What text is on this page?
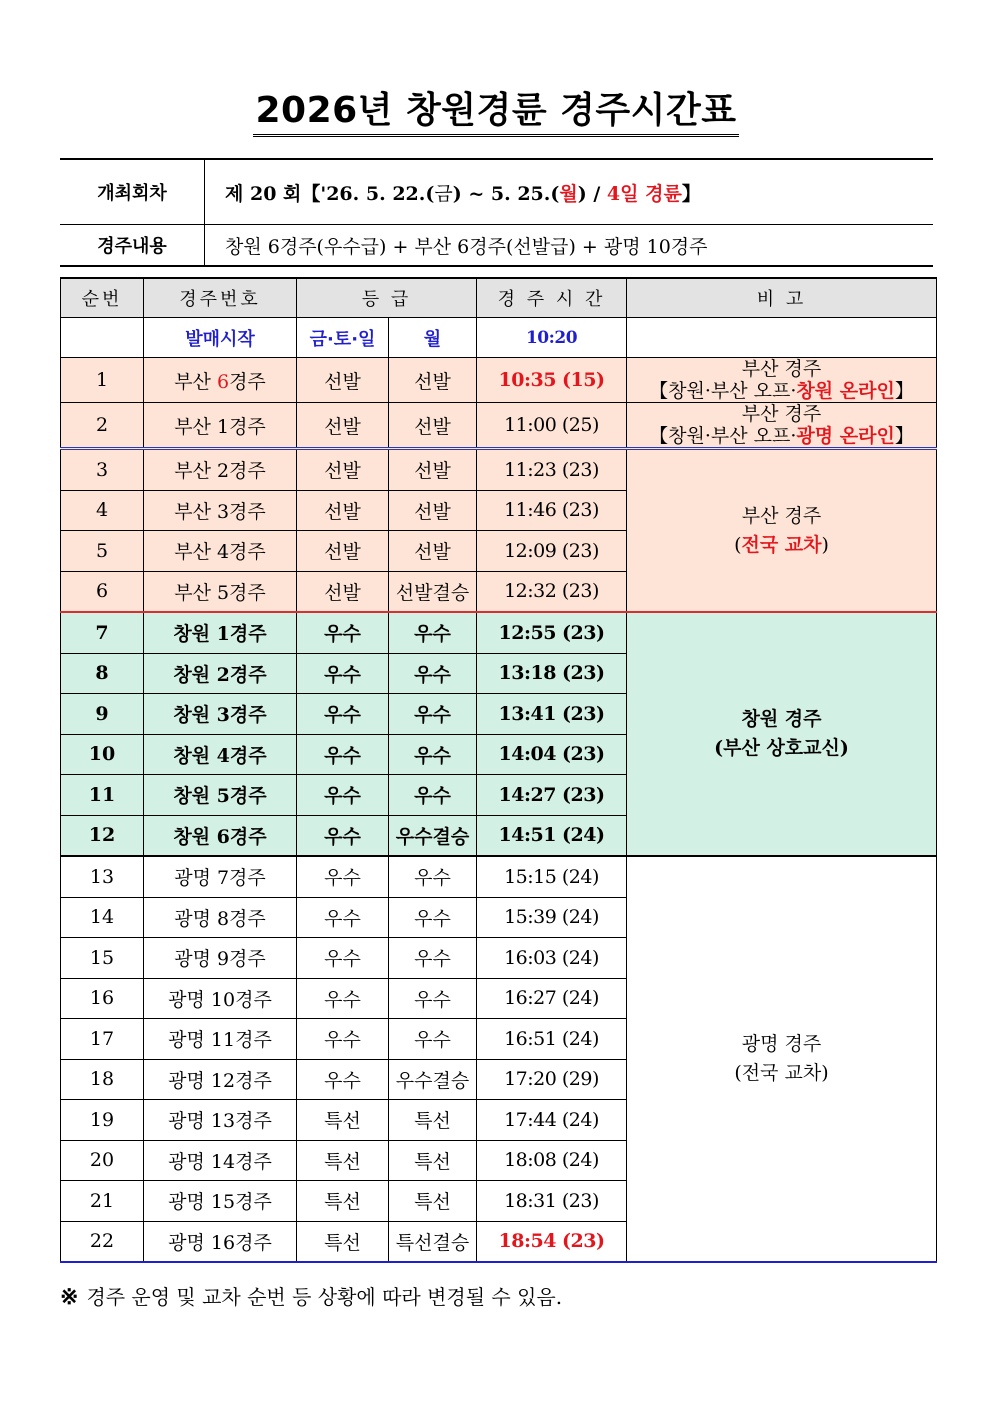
2026년 창원경륜 경주시간표
개최회차	제 20 회【'26. 5. 22.(금) ~ 5. 25.(월) / 4일 경륜】
경주내용	창원 6경주(우수급) + 부산 6경주(선발급) + 광명 10경주
순번	경주번호	등 급		경 주 시 간	비 고
	발매시작	금·토·일	월	10:20	
1	부산 6경주	선발	선발	10:35 (15)	부산 경주
【창원·부산 오프·창원 온라인】

2	부산 1경주	선발	선발	11:00 (25)	부산 경주
【창원·부산 오프·광명 온라인】

3	부산 2경주	선발	선발	11:23 (23)	부산 경주
(전국 교차)

4	부산 3경주	선발	선발	11:46 (23)	
5	부산 4경주	선발	선발	12:09 (23)	
6	부산 5경주	선발	선발결승	12:32 (23)	
7	창원 1경주	우수	우수	12:55 (23)	창원 경주
(부산 상호교신)

8	창원 2경주	우수	우수	13:18 (23)	
9	창원 3경주	우수	우수	13:41 (23)	
10	창원 4경주	우수	우수	14:04 (23)	
11	창원 5경주	우수	우수	14:27 (23)	
12	창원 6경주	우수	우수결승	14:51 (24)	
13	광명 7경주	우수	우수	15:15 (24)	광명 경주
(전국 교차)

14	광명 8경주	우수	우수	15:39 (24)	
15	광명 9경주	우수	우수	16:03 (24)	
16	광명 10경주	우수	우수	16:27 (24)	
17	광명 11경주	우수	우수	16:51 (24)	
18	광명 12경주	우수	우수결승	17:20 (29)	
19	광명 13경주	특선	특선	17:44 (24)	
20	광명 14경주	특선	특선	18:08 (24)	
21	광명 15경주	특선	특선	18:31 (23)	
22	광명 16경주	특선	특선결승	18:54 (23)	
※ 경주 운영 및 교차 순번 등 상황에 따라 변경될 수 있음.
